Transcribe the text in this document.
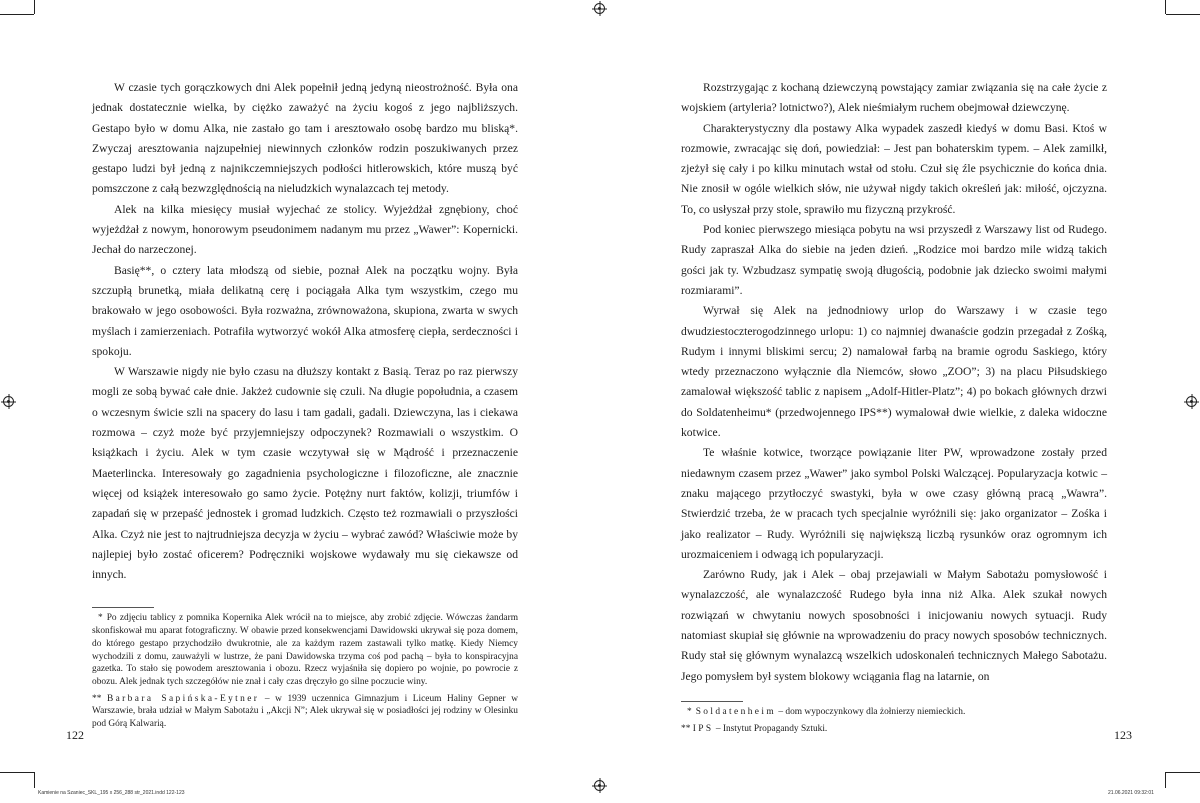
W czasie tych gorączkowych dni Alek popełnił jedną jedyną nieostrożność. Była ona jednak dostatecznie wielka, by ciężko zaważyć na życiu kogoś z jego najbliższych. Gestapo było w domu Alka, nie zastało go tam i aresztowało osobę bardzo mu bliską*. Zwyczaj aresztowania najzupełniej niewinnych członków rodzin poszukiwanych przez gestapo ludzi był jedną z najnikczemniejszych podłości hitlerowskich, które muszą być pomszczone z całą bezwzględnością na nieludzkich wynalazcach tej metody.

Alek na kilka miesięcy musiał wyjechać ze stolicy. Wyjeżdżał zgnębiony, choć wyjeżdżał z nowym, honorowym pseudonimem nadanym mu przez „Wawer”: Kopernicki. Jechał do narzeczonej.

Basię**, o cztery lata młodszą od siebie, poznał Alek na początku wojny. Była szczupłą brunetką, miała delikatną cerę i pociągała Alka tym wszystkim, czego mu brakowało w jego osobowości. Była rozważna, zrównoważona, skupiona, zwarta w swych myślach i zamierzeniach. Potrafiła wytworzyć wokół Alka atmosferę ciepła, serdeczności i spokoju.

W Warszawie nigdy nie było czasu na dłuższy kontakt z Basią. Teraz po raz pierwszy mogli ze sobą bywać całe dnie. Jakżeż cudownie się czuli. Na długie popołudnia, a czasem o wczesnym świcie szli na spacery do lasu i tam gadali, gadali. Dziewczyna, las i ciekawa rozmowa – czyż może być przyjemniejszy odpoczynek? Rozmawiali o wszystkim. O książkach i życiu. Alek w tym czasie wczytywał się w Mądrość i przeznaczenie Maeterlincka. Interesowały go zagadnienia psychologiczne i filozoficzne, ale znacznie więcej od książek interesowało go samo życie. Potężny nurt faktów, kolizji, triumfów i zapadań się w przepaść jednostek i gromad ludzkich. Często też rozmawiali o przyszłości Alka. Czyż nie jest to najtrudniejsza decyzja w życiu – wybrać zawód? Właściwie może by najlepiej było zostać oficerem? Podręczniki wojskowe wydawały mu się ciekawsze od innych.

* Po zdjęciu tablicy z pomnika Kopernika Alek wrócił na to miejsce, aby zrobić zdjęcie. Wówczas żandarm skonfiskował mu aparat fotograficzny. W obawie przed konsekwencjami Dawidowski ukrywał się poza domem, do którego gestapo przychodziło dwukrotnie, ale za każdym razem zastawali tylko matkę. Kiedy Niemcy wychodzili z domu, zauważyli w lustrze, że pani Dawidowska trzyma coś pod pachą – była to konspiracyjna gazetka. To stało się powodem aresztowania i obozu. Rzecz wyjaśniła się dopiero po wojnie, po powrocie z obozu. Alek jednak tych szczegółów nie znał i cały czas dręczyło go silne poczucie winy.

** Barbara Sapińska-Eytner – w 1939 uczennica Gimnazjum i Liceum Haliny Gepner w Warszawie, brała udział w Małym Sabotażu i „Akcji N”; Alek ukrywał się w posiadłości jej rodziny w Olesinku pod Górą Kalwarią.

122

Rozstrzygając z kochaną dziewczyną powstający zamiar związania się na całe życie z wojskiem (artyleria? lotnictwo?), Alek nieśmiałym ruchem obejmował dziewczynę.

Charakterystyczny dla postawy Alka wypadek zaszedł kiedyś w domu Basi. Ktoś w rozmowie, zwracając się doń, powiedział: – Jest pan bohaterskim typem. – Alek zamilkł, zjeżył się cały i po kilku minutach wstał od stołu. Czuł się źle psychicznie do końca dnia. Nie znosił w ogóle wielkich słów, nie używał nigdy takich określeń jak: miłość, ojczyzna. To, co usłyszał przy stole, sprawiło mu fizyczną przykrość.

Pod koniec pierwszego miesiąca pobytu na wsi przyszedł z Warszawy list od Rudego. Rudy zapraszał Alka do siebie na jeden dzień. „Rodzice moi bardzo mile widzą takich gości jak ty. Wzbudzasz sympatię swoją długością, podobnie jak dziecko swoimi małymi rozmiarami”.

Wyrwał się Alek na jednodniowy urlop do Warszawy i w czasie tego dwudziestoczterogodzinnego urlopu: 1) co najmniej dwanaście godzin przegadał z Zośką, Rudym i innymi bliskimi sercu; 2) namalował farbą na bramie ogrodu Saskiego, który wtedy przeznaczono wyłącznie dla Niemców, słowo „ZOO”; 3) na placu Piłsudskiego zamalował większość tablic z napisem „Adolf-Hitler-Platz”; 4) po bokach głównych drzwi do Soldatenheimu* (przedwojennego IPS**) wymalował dwie wielkie, z daleka widoczne kotwice.

Te właśnie kotwice, tworzące powiązanie liter PW, wprowadzone zostały przed niedawnym czasem przez „Wawer” jako symbol Polski Walczącej. Popularyzacja kotwic – znaku mającego przytłoczyć swastyki, była w owe czasy główną pracą „Wawra”. Stwierdzić trzeba, że w pracach tych specjalnie wyróżnili się: jako organizator – Zośka i jako realizator – Rudy. Wyróżnili się największą liczbą rysunków oraz ogromnym ich urozmaiceniem i odwagą ich popularyzacji.

Zarówno Rudy, jak i Alek – obaj przejawiali w Małym Sabotażu pomysłowość i wynalazczość, ale wynalazczość Rudego była inna niż Alka. Alek szukał nowych rozwiązań w chwytaniu nowych sposobności i inicjowaniu nowych sytuacji. Rudy natomiast skupiał się głównie na wprowadzeniu do pracy nowych sposobów technicznych. Rudy stał się głównym wynalazcą wszelkich udoskonaleń technicznych Małego Sabotażu. Jego pomysłem był system blokowy wciągania flag na latarnie, on

* Soldatenheim – dom wypoczynkowy dla żołnierzy niemieckich.

** IPS – Instytut Propagandy Sztuki.	123
Kamienie na Szaniec_SKL_195 x 256_288 str_2021.indd 122-123	21.06.2021 09:32:01
